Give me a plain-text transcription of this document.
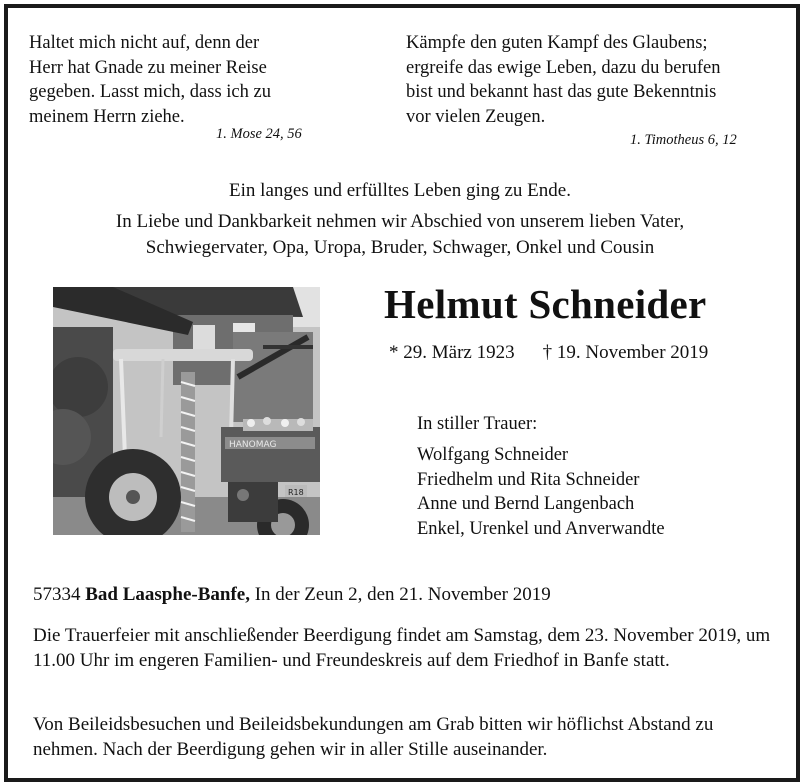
Haltet mich nicht auf, denn der
Herr hat Gnade zu meiner Reise
gegeben. Lasst mich, dass ich zu
meinem Herrn ziehe.
1. Mose 24, 56
Kämpfe den guten Kampf des Glaubens;
ergreife das ewige Leben, dazu du berufen
bist und bekannt hast das gute Bekenntnis
vor vielen Zeugen.
1. Timotheus 6, 12
Ein langes und erfülltes Leben ging zu Ende.
In Liebe und Dankbarkeit nehmen wir Abschied von unserem lieben Vater,
Schwiegervater, Opa, Uropa, Bruder, Schwager, Onkel und Cousin
HANOMAG
R18
Helmut Schneider
* 29. März 1923 † 19. November 2019
In stiller Trauer:
Wolfgang Schneider
Friedhelm und Rita Schneider
Anne und Bernd Langenbach
Enkel, Urenkel und Anverwandte
57334 Bad Laasphe-Banfe, In der Zeun 2, den 21. November 2019
Die Trauerfeier mit anschließender Beerdigung findet am Samstag, dem 23. November 2019, um 11.00 Uhr im engeren Familien- und Freundeskreis auf dem Friedhof in Banfe statt.
Von Beileidsbesuchen und Beileidsbekundungen am Grab bitten wir höflichst Abstand zu nehmen. Nach der Beerdigung gehen wir in aller Stille auseinander.
